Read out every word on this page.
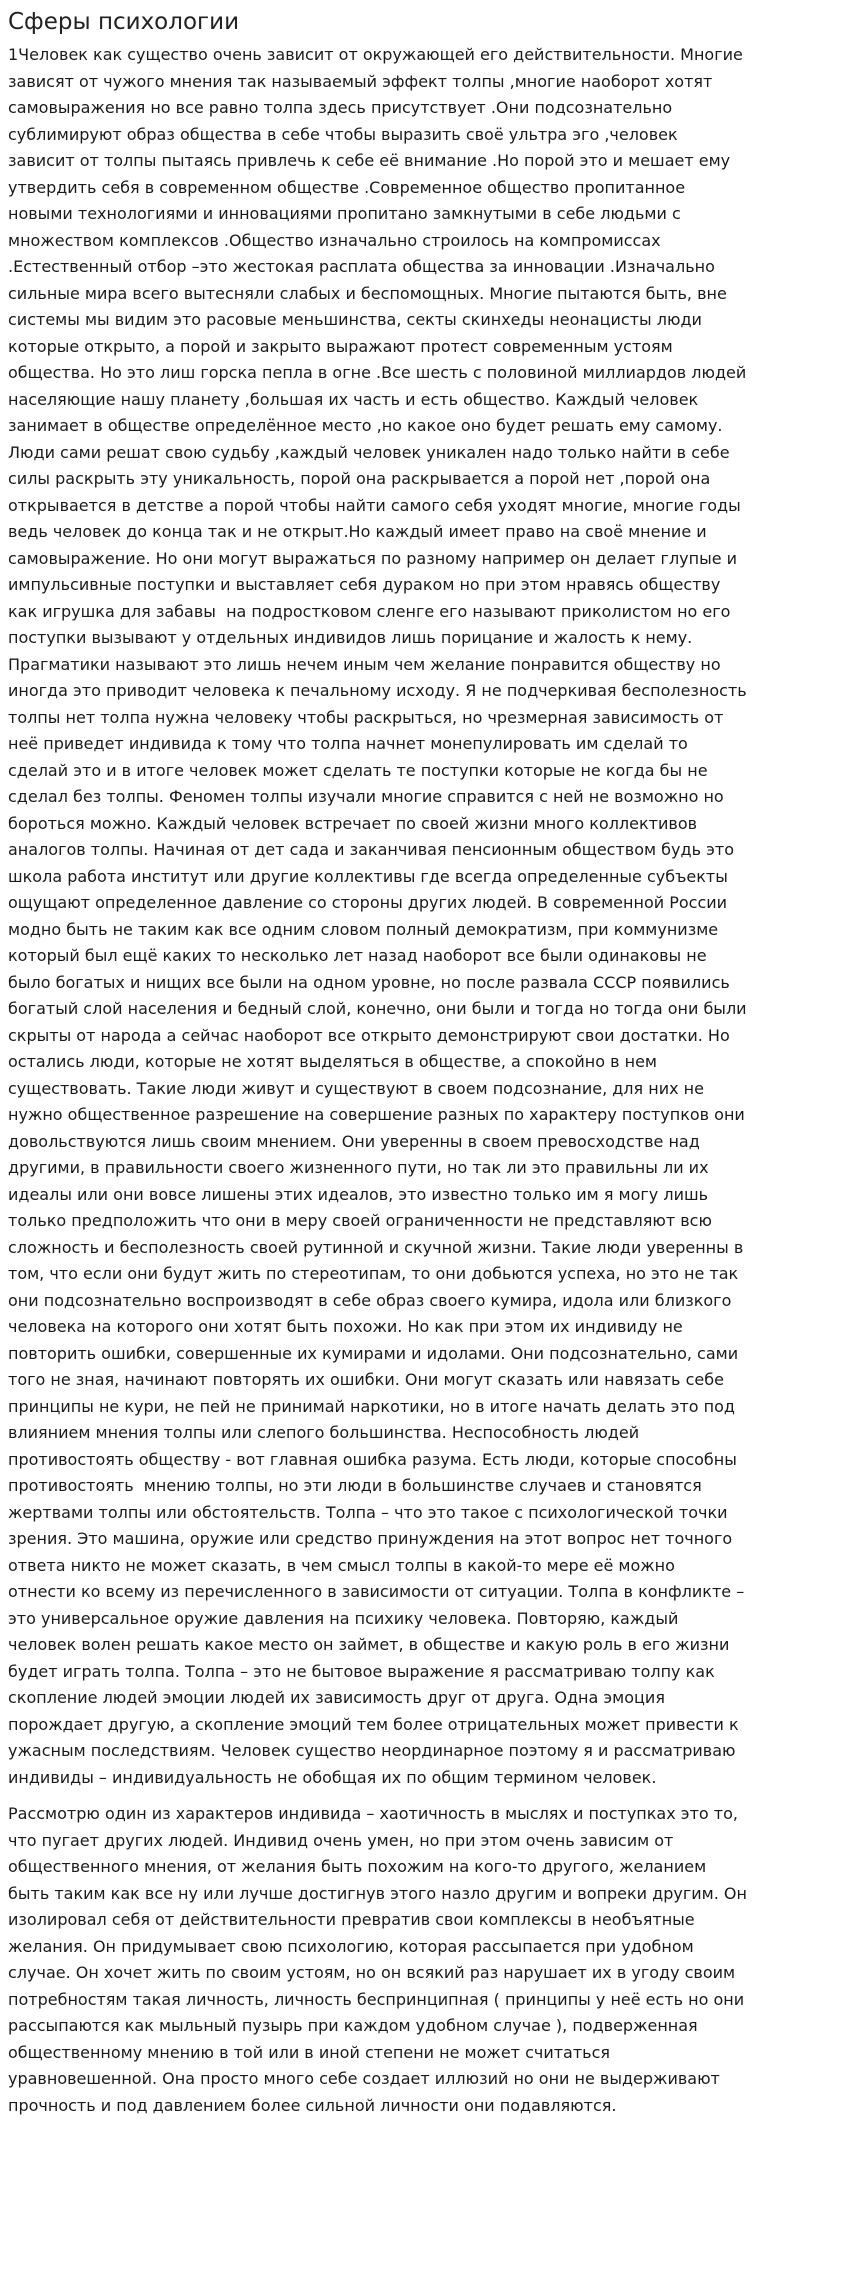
Сферы психологии

1Человек как существо очень зависит от окружающей его действительности. Многие
зависят от чужого мнения так называемый эффект толпы ,многие наоборот хотят
самовыражения но все равно толпа здесь присутствует .Они подсознательно
сублимируют образ общества в себе чтобы выразить своё ультра эго ,человек
зависит от толпы пытаясь привлечь к себе её внимание .Но порой это и мешает ему
утвердить себя в современном обществе .Современное общество пропитанное
новыми технологиями и инновациями пропитано замкнутыми в себе людьми с
множеством комплексов .Общество изначально строилось на компромиссах
.Естественный отбор –это жестокая расплата общества за инновации .Изначально
сильные мира всего вытесняли слабых и беспомощных. Многие пытаются быть, вне
системы мы видим это расовые меньшинства, секты скинхеды неонацисты люди
которые открыто, а порой и закрыто выражают протест современным устоям
общества. Но это лиш горска пепла в огне .Все шесть с половиной миллиардов людей
населяющие нашу планету ,большая их часть и есть общество. Каждый человек
занимает в обществе определённое место ,но какое оно будет решать ему самому.
Люди сами решат свою судьбу ,каждый человек уникален надо только найти в себе
силы раскрыть эту уникальность, порой она раскрывается а порой нет ,порой она
открывается в детстве а порой чтобы найти самого себя уходят многие, многие годы
ведь человек до конца так и не открыт.Но каждый имеет право на своё мнение и
самовыражение. Но они могут выражаться по разному например он делает глупые и
импульсивные поступки и выставляет себя дураком но при этом нравясь обществу
как игрушка для забавы  на подростковом сленге его называют приколистом но его
поступки вызывают у отдельных индивидов лишь порицание и жалость к нему.
Прагматики называют это лишь нечем иным чем желание понравится обществу но
иногда это приводит человека к печальному исходу. Я не подчеркивая бесполезность
толпы нет толпа нужна человеку чтобы раскрыться, но чрезмерная зависимость от
неё приведет индивида к тому что толпа начнет монепулировать им сделай то
сделай это и в итоге человек может сделать те поступки которые не когда бы не
сделал без толпы. Феномен толпы изучали многие справится с ней не возможно но
бороться можно. Каждый человек встречает по своей жизни много коллективов
аналогов толпы. Начиная от дет сада и заканчивая пенсионным обществом будь это
школа работа институт или другие коллективы где всегда определенные субъекты
ощущают определенное давление со стороны других людей. В современной России
модно быть не таким как все одним словом полный демократизм, при коммунизме
который был ещё каких то несколько лет назад наоборот все были одинаковы не
было богатых и нищих все были на одном уровне, но после развала СССР появились
богатый слой населения и бедный слой, конечно, они были и тогда но тогда они были
скрыты от народа а сейчас наоборот все открыто демонстрируют свои достатки. Но
остались люди, которые не хотят выделяться в обществе, а спокойно в нем
существовать. Такие люди живут и существуют в своем подсознание, для них не
нужно общественное разрешение на совершение разных по характеру поступков они
довольствуются лишь своим мнением. Они уверенны в своем превосходстве над
другими, в правильности своего жизненного пути, но так ли это правильны ли их
идеалы или они вовсе лишены этих идеалов, это известно только им я могу лишь
только предположить что они в меру своей ограниченности не представляют всю
сложность и бесполезность своей рутинной и скучной жизни. Такие люди уверенны в
том, что если они будут жить по стереотипам, то они добьются успеха, но это не так
они подсознательно воспроизводят в себе образ своего кумира, идола или близкого
человека на которого они хотят быть похожи. Но как при этом их индивиду не
повторить ошибки, совершенные их кумирами и идолами. Они подсознательно, сами
того не зная, начинают повторять их ошибки. Они могут сказать или навязать себе
принципы не кури, не пей не принимай наркотики, но в итоге начать делать это под
влиянием мнения толпы или слепого большинства. Неспособность людей
противостоять обществу - вот главная ошибка разума. Есть люди, которые способны
противостоять  мнению толпы, но эти люди в большинстве случаев и становятся
жертвами толпы или обстоятельств. Толпа – что это такое с психологической точки
зрения. Это машина, оружие или средство принуждения на этот вопрос нет точного
ответа никто не может сказать, в чем смысл толпы в какой-то мере её можно
отнести ко всему из перечисленного в зависимости от ситуации. Толпа в конфликте –
это универсальное оружие давления на психику человека. Повторяю, каждый
человек волен решать какое место он займет, в обществе и какую роль в его жизни
будет играть толпа. Толпа – это не бытовое выражение я рассматриваю толпу как
скопление людей эмоции людей их зависимость друг от друга. Одна эмоция
порождает другую, а скопление эмоций тем более отрицательных может привести к
ужасным последствиям. Человек существо неординарное поэтому я и рассматриваю
индивиды – индивидуальность не обобщая их по общим термином человек.

Рассмотрю один из характеров индивида – хаотичность в мыслях и поступках это то,
что пугает других людей. Индивид очень умен, но при этом очень зависим от
общественного мнения, от желания быть похожим на кого-то другого, желанием
быть таким как все ну или лучше достигнув этого назло другим и вопреки другим. Он
изолировал себя от действительности превратив свои комплексы в необъятные
желания. Он придумывает свою психологию, которая рассыпается при удобном
случае. Он хочет жить по своим устоям, но он всякий раз нарушает их в угоду своим
потребностям такая личность, личность беспринципная ( принципы у неё есть но они
рассыпаются как мыльный пузырь при каждом удобном случае ), подверженная
общественному мнению в той или в иной степени не может считаться
уравновешенной. Она просто много себе создает иллюзий но они не выдерживают
прочность и под давлением более сильной личности они подавляются.
